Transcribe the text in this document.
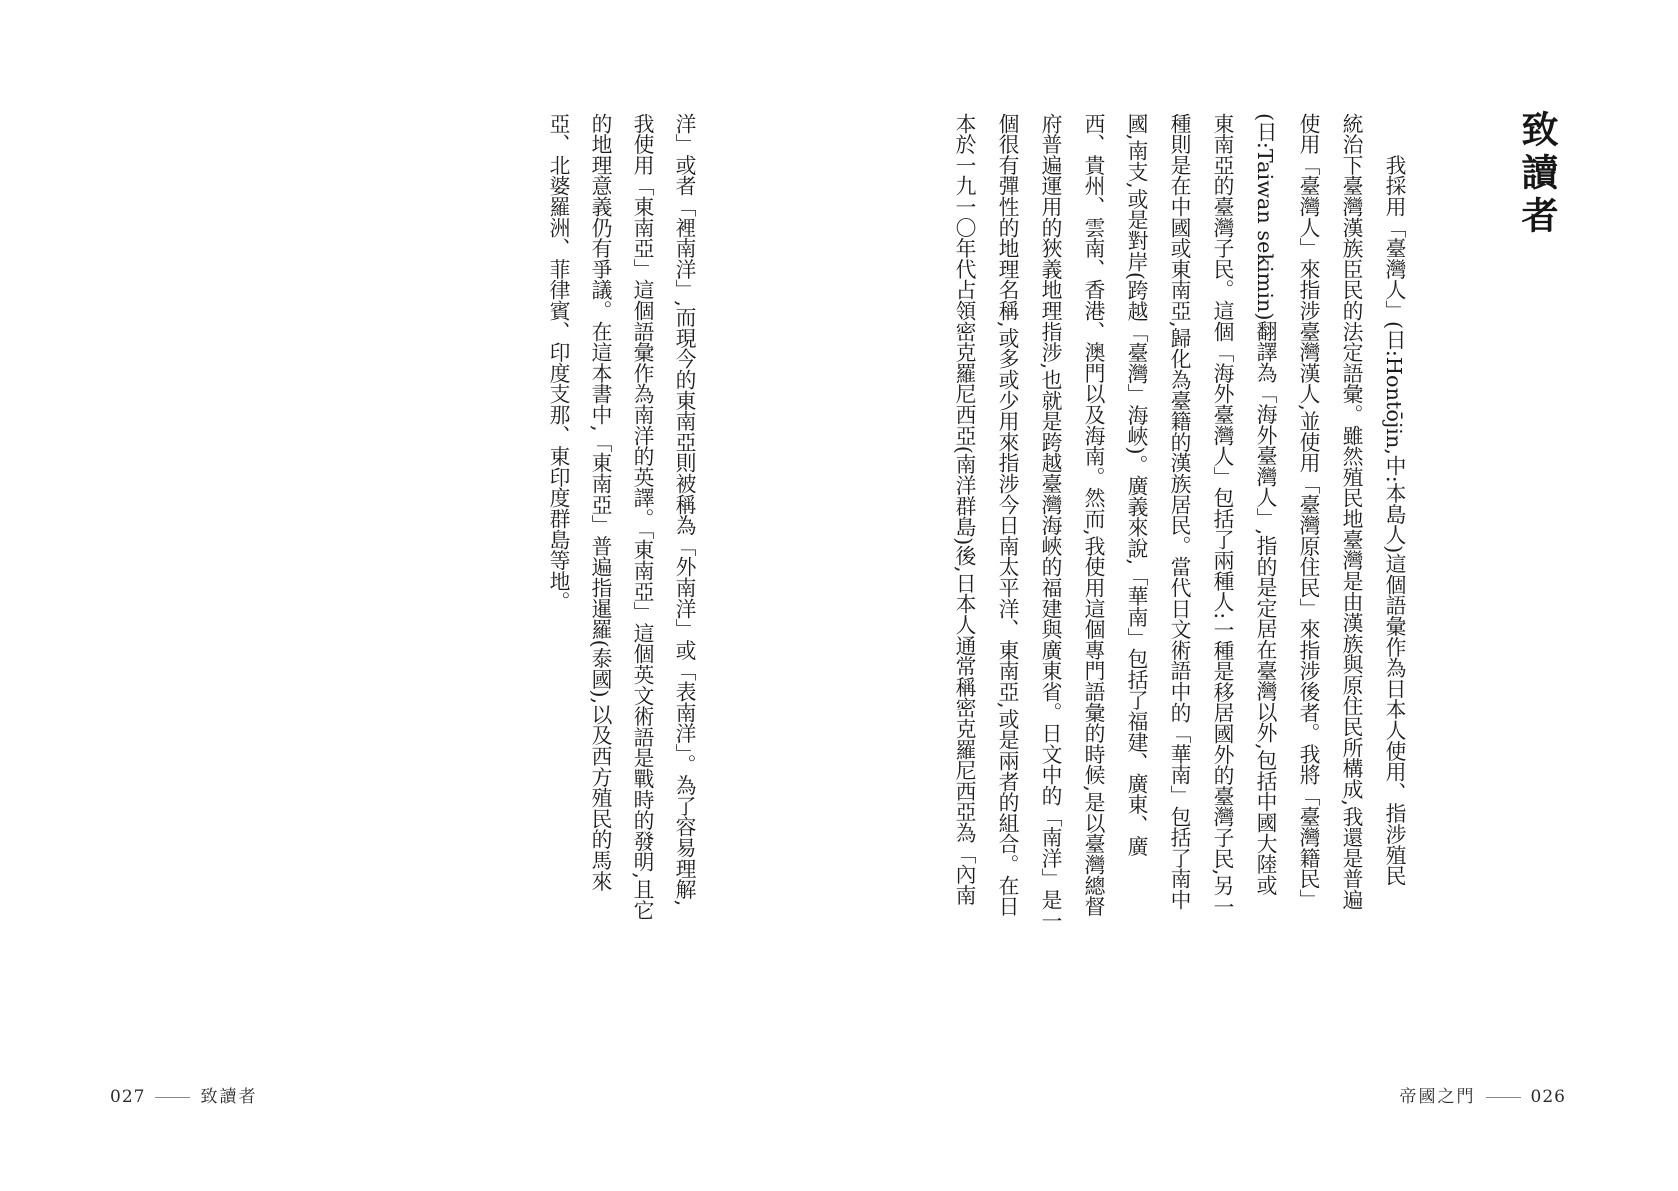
致讀者
　　我採用「臺灣人」(日:Hontōjin,中:本島人)這個語彙作為日本人使用、指涉殖民
統治下臺灣漢族臣民的法定語彙。雖然殖民地臺灣是由漢族與原住民所構成,我還是普遍
使用「臺灣人」來指涉臺灣漢人,並使用「臺灣原住民」來指涉後者。我將「臺灣籍民」
(日:Taiwan sekimin)翻譯為「海外臺灣人」,指的是定居在臺灣以外,包括中國大陸或
東南亞的臺灣子民。這個「海外臺灣人」包括了兩種人:一種是移居國外的臺灣子民,另一
種則是在中國或東南亞,歸化為臺籍的漢族居民。當代日文術語中的「華南」包括了南中
國,南支,或是對岸(跨越「臺灣」海峽)。廣義來說,「華南」包括了福建、廣東、廣
西、貴州、雲南、香港、澳門以及海南。然而,我使用這個專門語彙的時候,是以臺灣總督
府普遍運用的狹義地理指涉,也就是跨越臺灣海峽的福建與廣東省。日文中的「南洋」是一
個很有彈性的地理名稱,或多或少用來指涉今日南太平洋、東南亞,或是兩者的組合。在日
本於一九一〇年代占領密克羅尼西亞(南洋群島)後,日本人通常稱密克羅尼西亞為「內南
洋」或者「裡南洋」,而現今的東南亞則被稱為「外南洋」或「表南洋」。為了容易理解,
我使用「東南亞」這個語彙作為南洋的英譯。「東南亞」這個英文術語是戰時的發明,且它
的地理意義仍有爭議。在這本書中,「東南亞」普遍指暹羅(泰國),以及西方殖民的馬來
亞、北婆羅洲、菲律賓、印度支那、東印度群島等地。
027	致讀者	帝國之門	026
